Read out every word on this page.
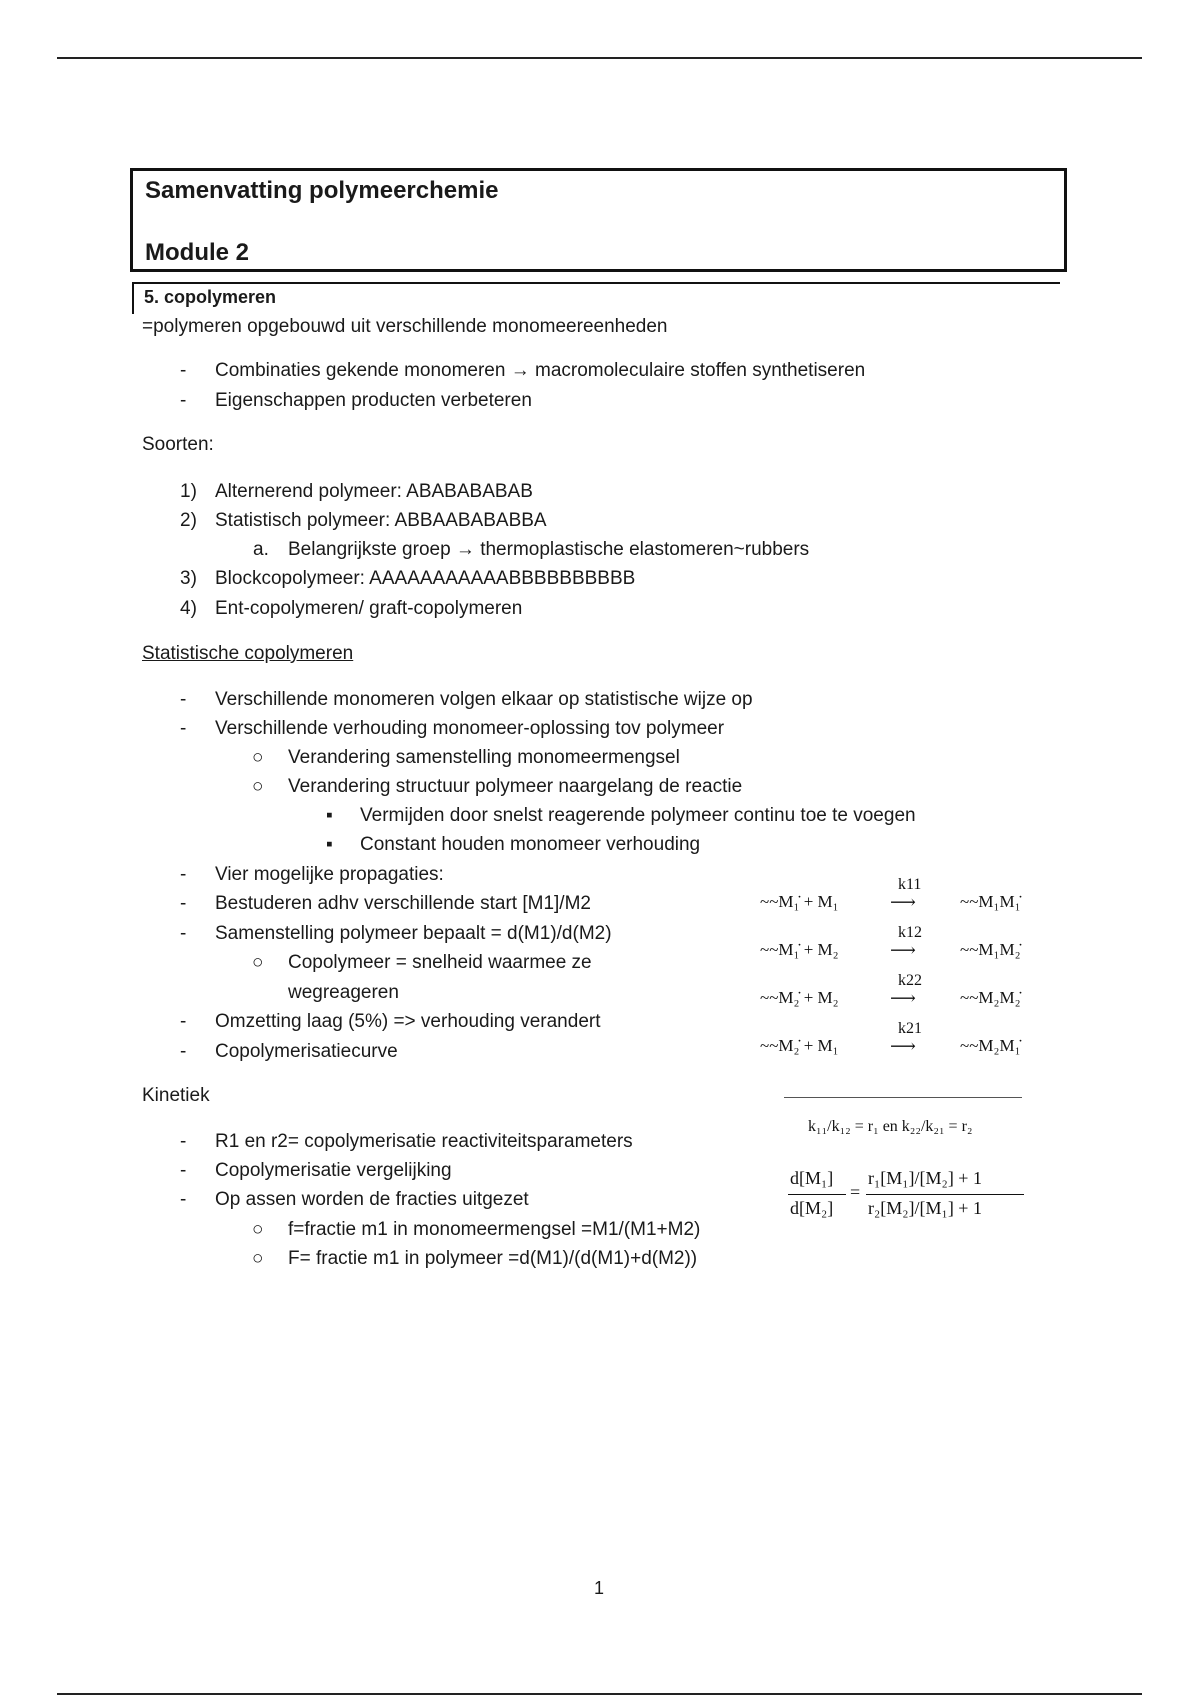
Samenvatting polymeerchemie
Module 2
5. copolymeren
=polymeren opgebouwd uit verschillende monomeereenheden
- Combinaties gekende monomeren → macromoleculaire stoffen synthetiseren
- Eigenschappen producten verbeteren
Soorten:
1) Alternerend polymeer: ABABABABAB
2) Statistisch polymeer: ABBAABABABBA
a. Belangrijkste groep → thermoplastische elastomeren~rubbers
3) Blockcopolymeer: AAAAAAAAAAABBBBBBBBBB
4) Ent-copolymeren/ graft-copolymeren
Statistische copolymeren
- Verschillende monomeren volgen elkaar op statistische wijze op
- Verschillende verhouding monomeer-oplossing tov polymeer
○ Verandering samenstelling monomeermengsel
○ Verandering structuur polymeer naargelang de reactie
▪ Vermijden door snelst reagerende polymeer continu toe te voegen
▪ Constant houden monomeer verhouding
- Vier mogelijke propagaties:
- Bestuderen adhv verschillende start [M1]/M2
- Samenstelling polymeer bepaalt = d(M1)/d(M2)
○ Copolymeer = snelheid waarmee ze
wegreageren
- Omzetting laag (5%) => verhouding verandert
- Copolymerisatiecurve
~~M₁̇ + M₁
k11
⟶	~~M₁M₁̇
~~M₁̇ + M₂
k12
⟶	~~M₁M₂̇
~~M₂̇ + M₂
k22
⟶	~~M₂M₂̇
~~M₂̇ + M₁
k21
⟶	~~M₂M₁̇
Kinetiek
- R1 en r2= copolymerisatie reactiviteitsparameters
- Copolymerisatie vergelijking
- Op assen worden de fracties uitgezet
○ f=fractie m1 in monomeermengsel =M1/(M1+M2)
○ F= fractie m1 in polymeer =d(M1)/(d(M1)+d(M2))
k₁₁/k₁₂ = r₁ en k₂₂/k₂₁ = r₂
d[M₁]
d[M₂]
=
r₁[M₁]/[M₂] + 1
r₂[M₂]/[M₁] + 1
1
